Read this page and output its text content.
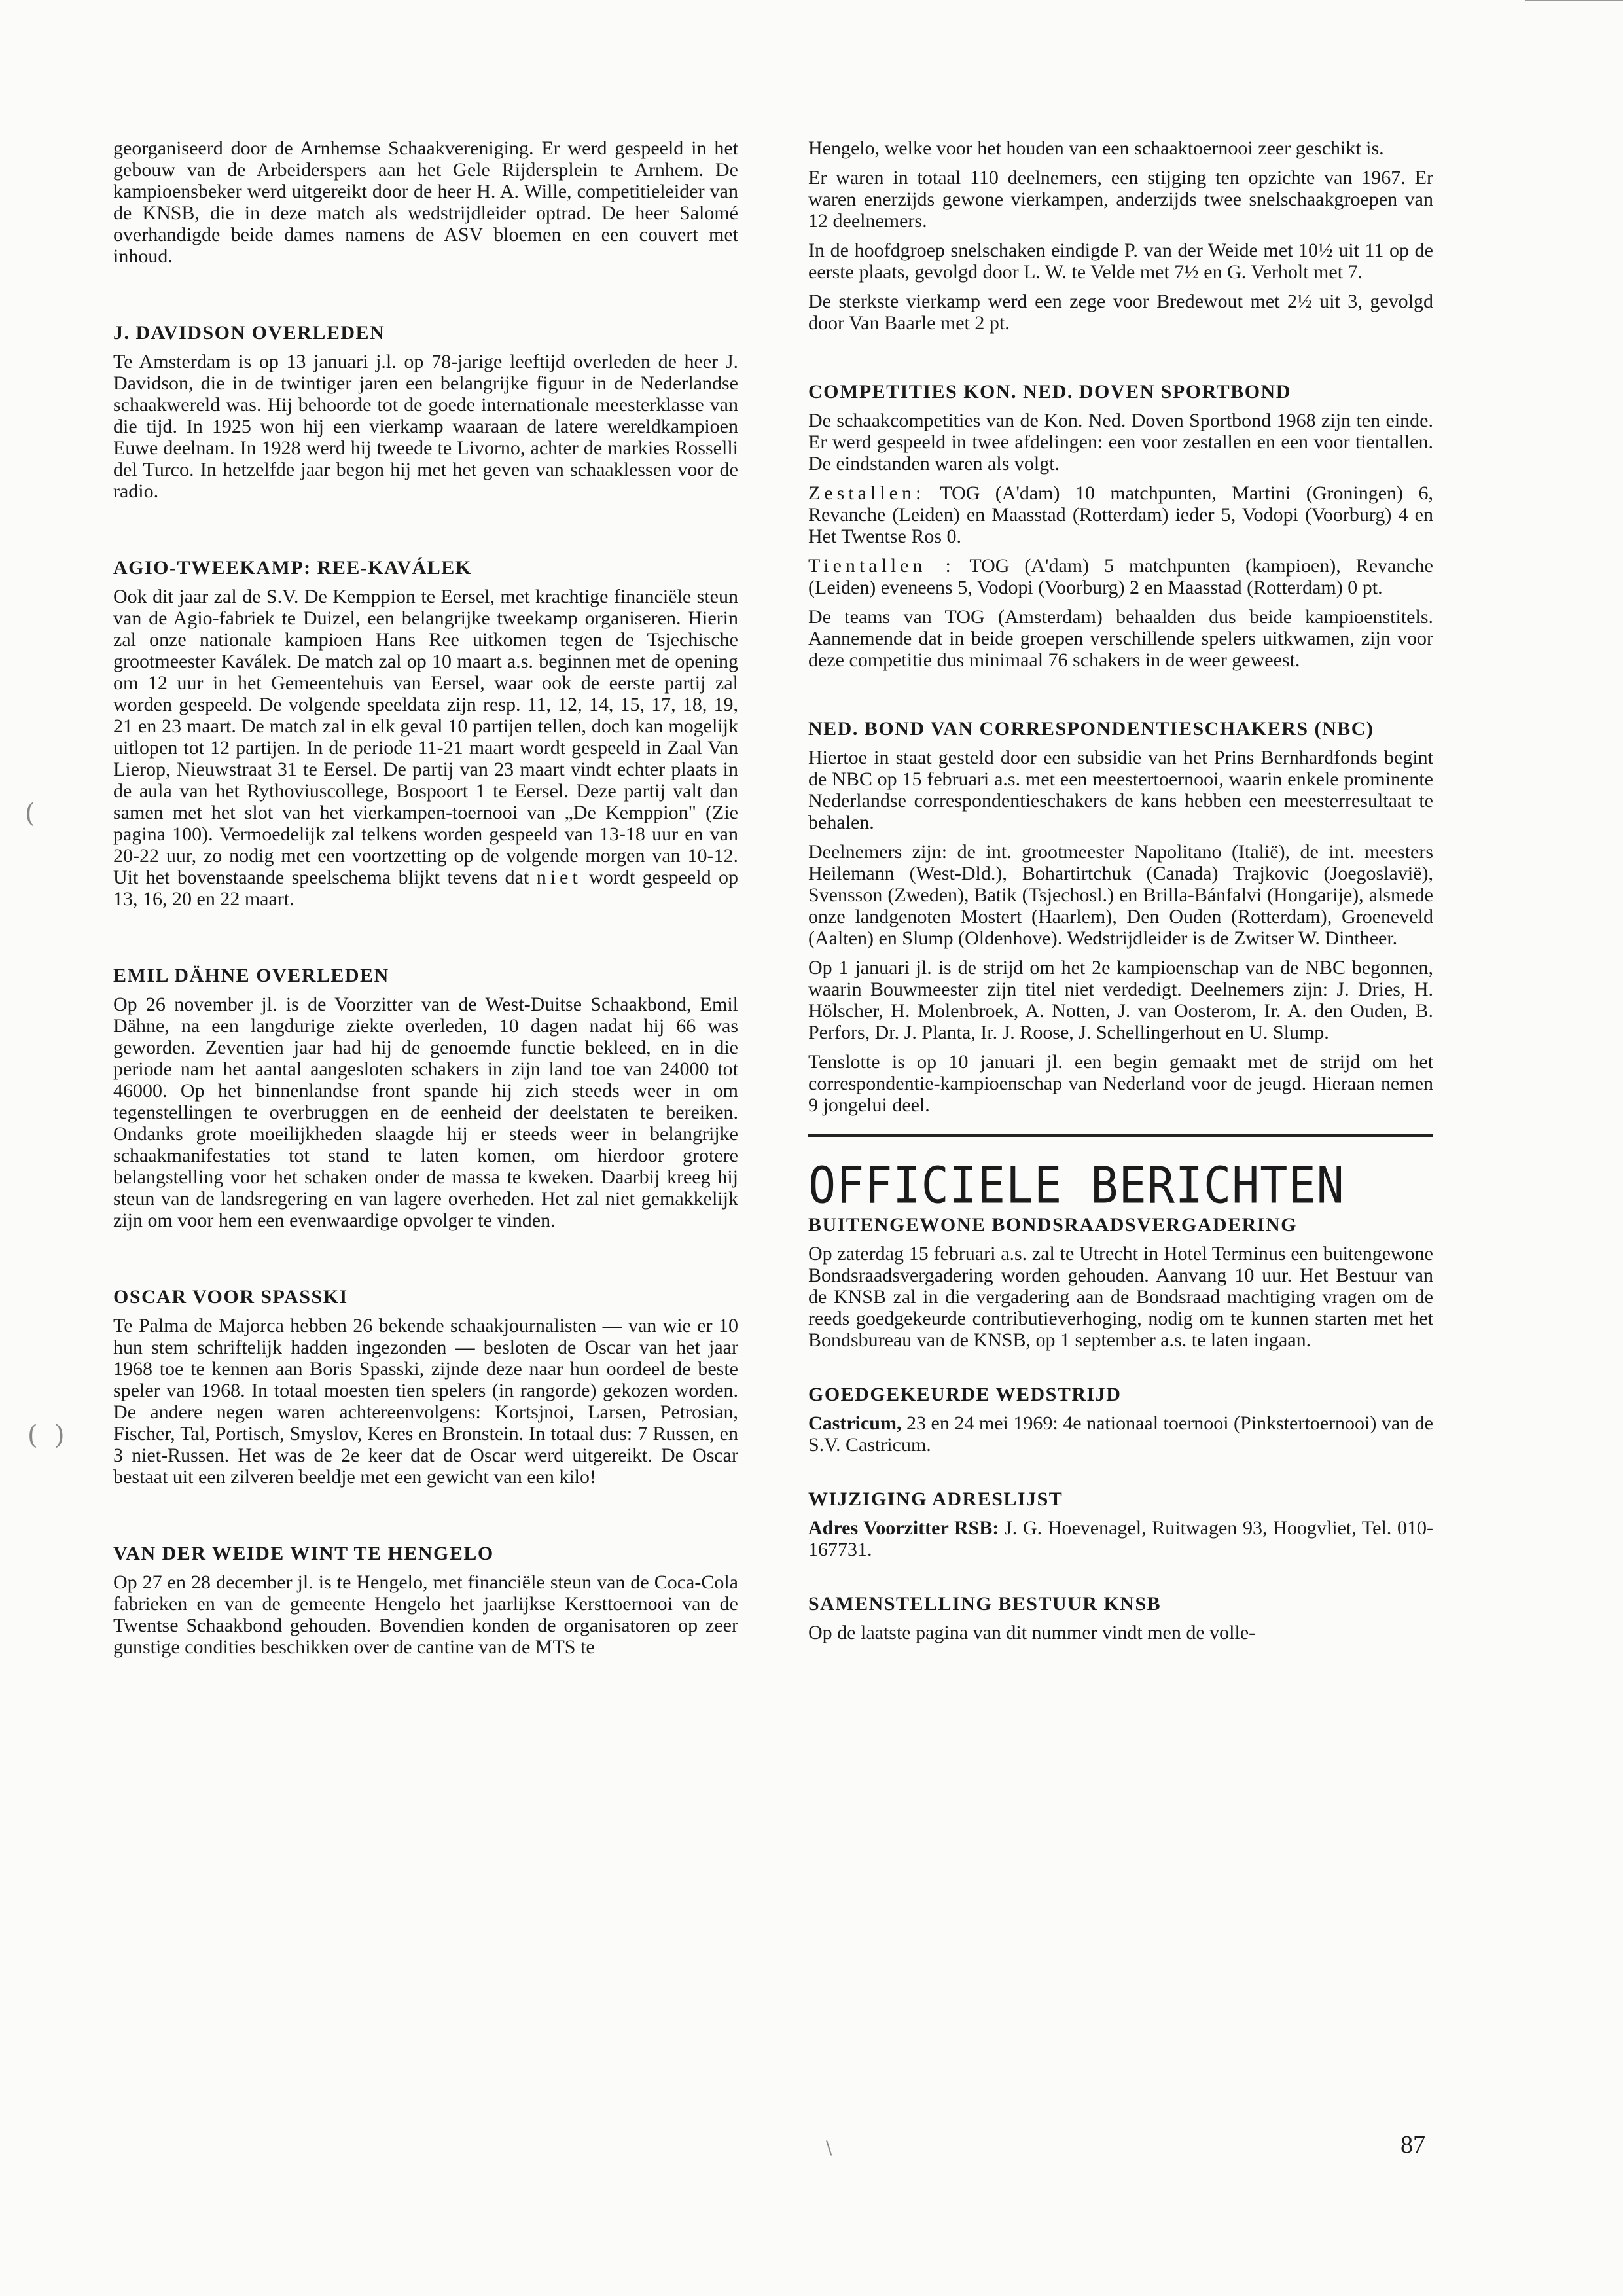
(
(  )
\

georganiseerd door de Arnhemse Schaakvereniging. Er werd gespeeld in het gebouw van de Arbeiderspers aan het Gele Rijdersplein te Arnhem. De kampioensbeker werd uitgereikt door de heer H. A. Wille, competitieleider van de KNSB, die in deze match als wedstrijdleider optrad. De heer Salomé overhandigde beide dames namens de ASV bloemen en een couvert met inhoud.

J. DAVIDSON OVERLEDEN

Te Amsterdam is op 13 januari j.l. op 78-jarige leeftijd overleden de heer J. Davidson, die in de twintiger jaren een belangrijke figuur in de Nederlandse schaakwereld was. Hij behoorde tot de goede internationale meesterklasse van die tijd. In 1925 won hij een vierkamp waaraan de latere wereldkampioen Euwe deelnam. In 1928 werd hij tweede te Livorno, achter de markies Rosselli del Turco. In hetzelfde jaar begon hij met het geven van schaaklessen voor de radio.

AGIO-TWEEKAMP: REE-KAVÁLEK

Ook dit jaar zal de S.V. De Kemppion te Eersel, met krachtige financiële steun van de Agio-fabriek te Duizel, een belangrijke tweekamp organiseren. Hierin zal onze nationale kampioen Hans Ree uitkomen tegen de Tsjechische grootmeester Kaválek. De match zal op 10 maart a.s. beginnen met de opening om 12 uur in het Gemeentehuis van Eersel, waar ook de eerste partij zal worden gespeeld. De volgende speeldata zijn resp. 11, 12, 14, 15, 17, 18, 19, 21 en 23 maart. De match zal in elk geval 10 partijen tellen, doch kan mogelijk uitlopen tot 12 partijen. In de periode 11-21 maart wordt gespeeld in Zaal Van Lierop, Nieuwstraat 31 te Eersel. De partij van 23 maart vindt echter plaats in de aula van het Rythoviuscollege, Bospoort 1 te Eersel. Deze partij valt dan samen met het slot van het vierkampen-toernooi van „De Kemppion" (Zie pagina 100). Vermoedelijk zal telkens worden gespeeld van 13-18 uur en van 20-22 uur, zo nodig met een voortzetting op de volgende morgen van 10-12. Uit het bovenstaande speelschema blijkt tevens dat niet wordt gespeeld op 13, 16, 20 en 22 maart.

EMIL DÄHNE OVERLEDEN

Op 26 november jl. is de Voorzitter van de West-Duitse Schaakbond, Emil Dähne, na een langdurige ziekte overleden, 10 dagen nadat hij 66 was geworden. Zeventien jaar had hij de genoemde functie bekleed, en in die periode nam het aantal aangesloten schakers in zijn land toe van 24000 tot 46000. Op het binnenlandse front spande hij zich steeds weer in om tegenstellingen te overbruggen en de eenheid der deelstaten te bereiken. Ondanks grote moeilijkheden slaagde hij er steeds weer in belangrijke schaakmanifestaties tot stand te laten komen, om hierdoor grotere belangstelling voor het schaken onder de massa te kweken. Daarbij kreeg hij steun van de landsregering en van lagere overheden. Het zal niet gemakkelijk zijn om voor hem een evenwaardige opvolger te vinden.

OSCAR VOOR SPASSKI

Te Palma de Majorca hebben 26 bekende schaakjournalisten — van wie er 10 hun stem schriftelijk hadden ingezonden — besloten de Oscar van het jaar 1968 toe te kennen aan Boris Spasski, zijnde deze naar hun oordeel de beste speler van 1968. In totaal moesten tien spelers (in rangorde) gekozen worden. De andere negen waren achtereenvolgens: Kortsjnoi, Larsen, Petrosian, Fischer, Tal, Portisch, Smyslov, Keres en Bronstein. In totaal dus: 7 Russen, en 3 niet-Russen. Het was de 2e keer dat de Oscar werd uitgereikt. De Oscar bestaat uit een zilveren beeldje met een gewicht van een kilo!

VAN DER WEIDE WINT TE HENGELO

Op 27 en 28 december jl. is te Hengelo, met financiële steun van de Coca-Cola fabrieken en van de gemeente Hengelo het jaarlijkse Kersttoernooi van de Twentse Schaakbond gehouden. Bovendien konden de organisatoren op zeer gunstige condities beschikken over de cantine van de MTS te

Hengelo, welke voor het houden van een schaaktoernooi zeer geschikt is.

Er waren in totaal 110 deelnemers, een stijging ten opzichte van 1967. Er waren enerzijds gewone vierkampen, anderzijds twee snelschaakgroepen van 12 deelnemers.

In de hoofdgroep snelschaken eindigde P. van der Weide met 10½ uit 11 op de eerste plaats, gevolgd door L. W. te Velde met 7½ en G. Verholt met 7.

De sterkste vierkamp werd een zege voor Bredewout met 2½ uit 3, gevolgd door Van Baarle met 2 pt.

COMPETITIES KON. NED. DOVEN SPORTBOND

De schaakcompetities van de Kon. Ned. Doven Sportbond 1968 zijn ten einde. Er werd gespeeld in twee afdelingen: een voor zestallen en een voor tientallen. De eindstanden waren als volgt.

Zestallen: TOG (A'dam) 10 matchpunten, Martini (Groningen) 6, Revanche (Leiden) en Maasstad (Rotterdam) ieder 5, Vodopi (Voorburg) 4 en Het Twentse Ros 0.

Tientallen : TOG (A'dam) 5 matchpunten (kampioen), Revanche (Leiden) eveneens 5, Vodopi (Voorburg) 2 en Maasstad (Rotterdam) 0 pt.

De teams van TOG (Amsterdam) behaalden dus beide kampioenstitels. Aannemende dat in beide groepen verschillende spelers uitkwamen, zijn voor deze competitie dus minimaal 76 schakers in de weer geweest.

NED. BOND VAN CORRESPONDENTIESCHAKERS (NBC)

Hiertoe in staat gesteld door een subsidie van het Prins Bernhardfonds begint de NBC op 15 februari a.s. met een meestertoernooi, waarin enkele prominente Nederlandse correspondentieschakers de kans hebben een meesterresultaat te behalen.

Deelnemers zijn: de int. grootmeester Napolitano (Italië), de int. meesters Heilemann (West-Dld.), Bohartirtchuk (Canada) Trajkovic (Joegoslavië), Svensson (Zweden), Batik (Tsjechosl.) en Brilla-Bánfalvi (Hongarije), alsmede onze landgenoten Mostert (Haarlem), Den Ouden (Rotterdam), Groeneveld (Aalten) en Slump (Oldenhove). Wedstrijdleider is de Zwitser W. Dintheer.

Op 1 januari jl. is de strijd om het 2e kampioenschap van de NBC begonnen, waarin Bouwmeester zijn titel niet verdedigt. Deelnemers zijn: J. Dries, H. Hölscher, H. Molenbroek, A. Notten, J. van Oosterom, Ir. A. den Ouden, B. Perfors, Dr. J. Planta, Ir. J. Roose, J. Schellingerhout en U. Slump.

Tenslotte is op 10 januari jl. een begin gemaakt met de strijd om het correspondentie-kampioenschap van Nederland voor de jeugd. Hieraan nemen 9 jongelui deel.

OFFICIELE BERICHTEN
BUITENGEWONE BONDSRAADSVERGADERING

Op zaterdag 15 februari a.s. zal te Utrecht in Hotel Terminus een buitengewone Bondsraadsvergadering worden gehouden. Aanvang 10 uur. Het Bestuur van de KNSB zal in die vergadering aan de Bondsraad machtiging vragen om de reeds goedgekeurde contributieverhoging, nodig om te kunnen starten met het Bondsbureau van de KNSB, op 1 september a.s. te laten ingaan.

GOEDGEKEURDE WEDSTRIJD

Castricum, 23 en 24 mei 1969: 4e nationaal toernooi (Pinkstertoernooi) van de S.V. Castricum.

WIJZIGING ADRESLIJST

Adres Voorzitter RSB: J. G. Hoevenagel, Ruitwagen 93, Hoogvliet, Tel. 010-167731.

SAMENSTELLING BESTUUR KNSB

Op de laatste pagina van dit nummer vindt men de volle-

87
